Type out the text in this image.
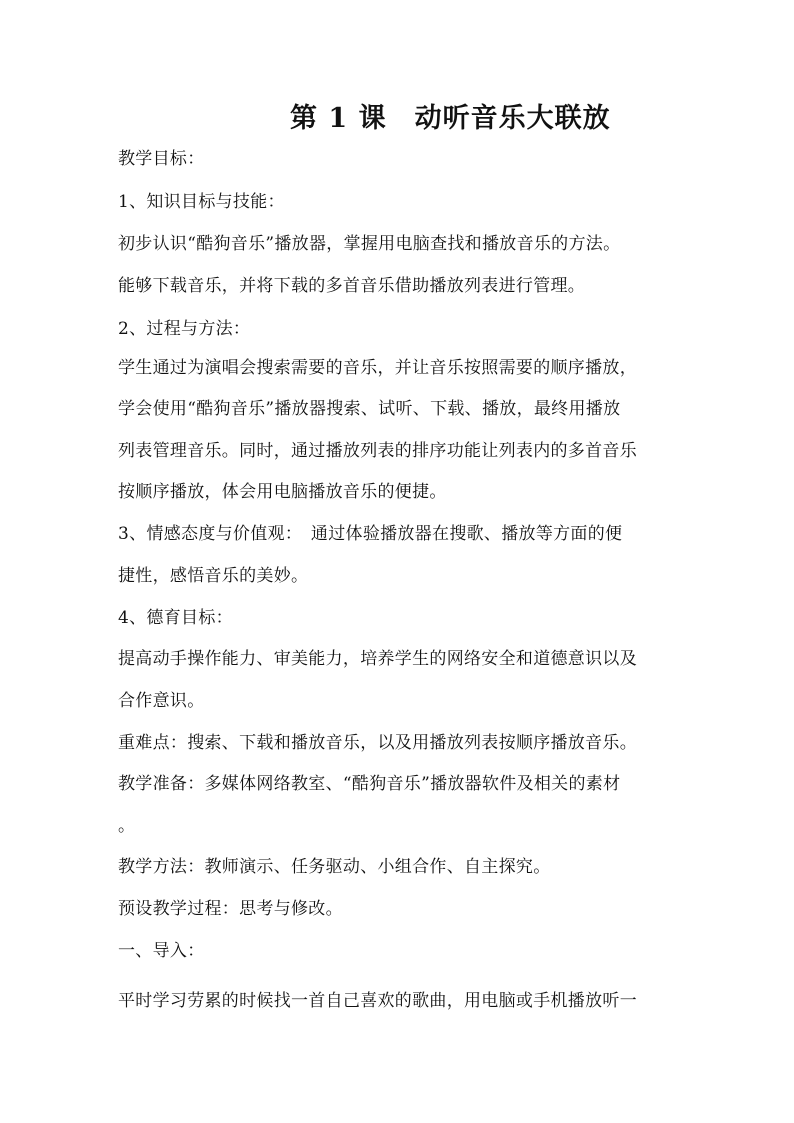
第 1 课　动听音乐大联放
教学目标：
1、知识目标与技能：
初步认识“酷狗音乐”播放器，掌握用电脑查找和播放音乐的方法。
能够下载音乐，并将下载的多首音乐借助播放列表进行管理。
2、过程与方法：
学生通过为演唱会搜索需要的音乐，并让音乐按照需要的顺序播放，
学会使用“酷狗音乐”播放器搜索、试听、下载、播放，最终用播放
列表管理音乐。同时，通过播放列表的排序功能让列表内的多首音乐
按顺序播放，体会用电脑播放音乐的便捷。
3、情感态度与价值观：　通过体验播放器在搜歌、播放等方面的便
捷性，感悟音乐的美妙。
4、德育目标：
提高动手操作能力、审美能力，培养学生的网络安全和道德意识以及
合作意识。
重难点：搜索、下载和播放音乐，以及用播放列表按顺序播放音乐。
教学准备：多媒体网络教室、“酷狗音乐”播放器软件及相关的素材
。
教学方法：教师演示、任务驱动、小组合作、自主探究。
预设教学过程：思考与修改。
一、导入：
平时学习劳累的时候找一首自己喜欢的歌曲，用电脑或手机播放听一
